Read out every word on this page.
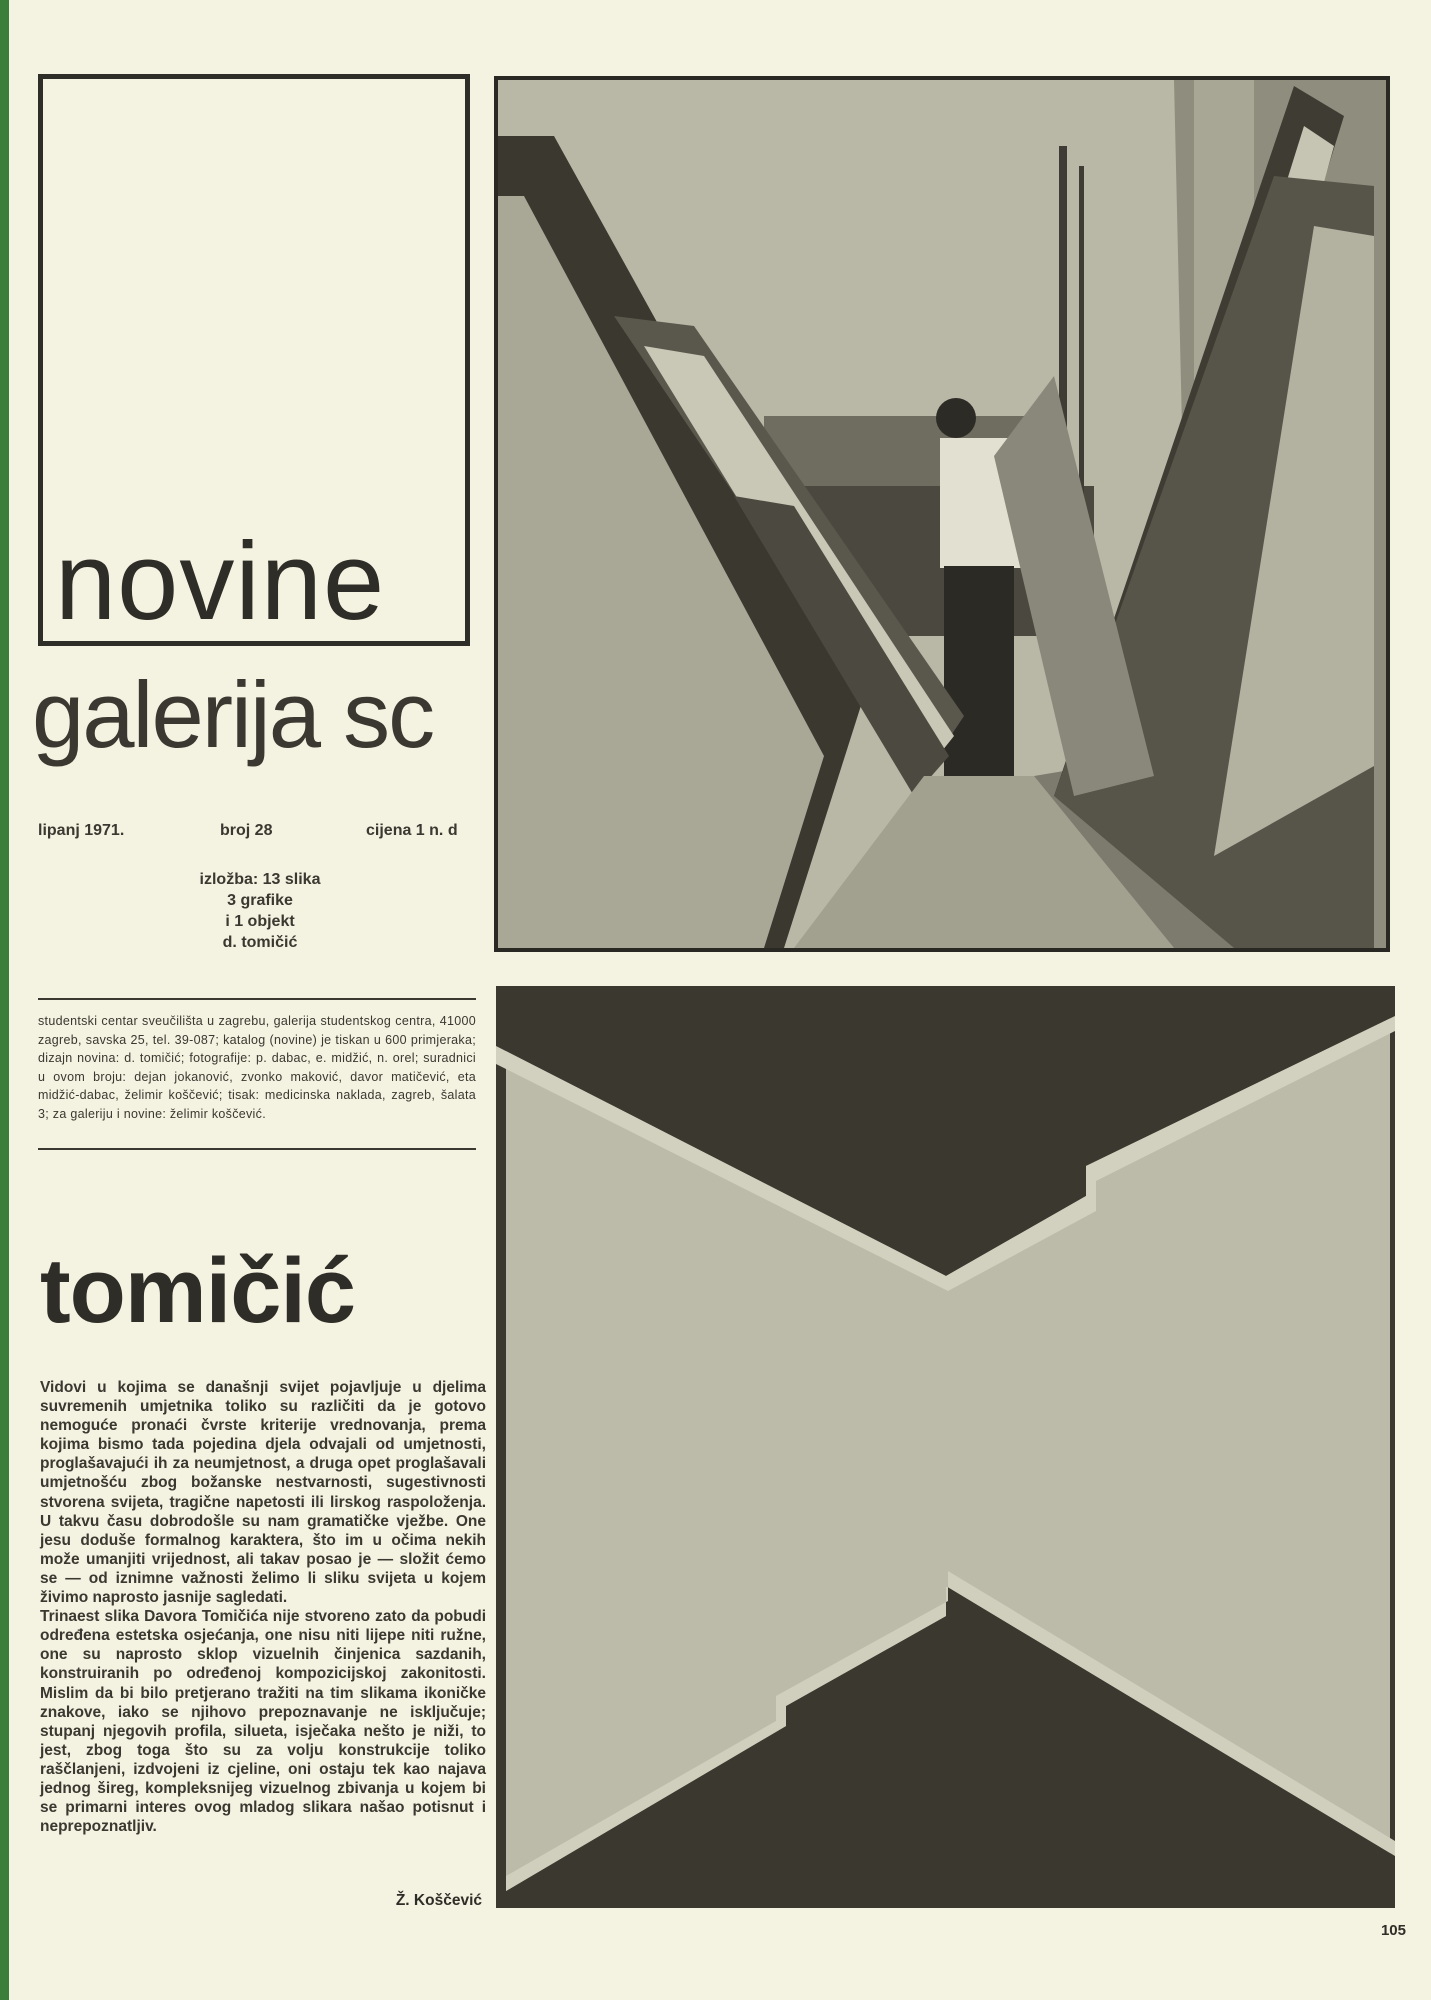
novine
galerija sc
lipanj 1971.	broj 28	cijena 1 n. d
izložba: 13 slika
3 grafike
i 1 objekt
d. tomičić
studentski centar sveučilišta u zagrebu, galerija studentskog centra, 41000 zagreb, savska 25, tel. 39-087; katalog (novine) je tiskan u 600 primjeraka; dizajn novina: d. tomičić; fotografije: p. dabac, e. midžić, n. orel; suradnici u ovom broju: dejan jokanović, zvonko maković, davor matičević, eta midžić-dabac, želimir koščević; tisak: medicinska naklada, zagreb, šalata 3; za galeriju i novine: želimir koščević.
tomičić

Vidovi u kojima se današnji svijet pojavljuje u djelima suvremenih umjetnika toliko su različiti da je gotovo nemoguće pronaći čvrste kriterije vrednovanja, prema kojima bismo tada pojedina djela odvajali od umjetnosti, proglašavajući ih za neumjetnost, a druga opet proglašavali umjetnošću zbog božanske nestvarnosti, sugestivnosti stvorena svijeta, tragične napetosti ili lirskog raspoloženja. U takvu času dobrodošle su nam gramatičke vježbe. One jesu doduše formalnog karaktera, što im u očima nekih može umanjiti vrijednost, ali takav posao je — složit ćemo se — od iznimne važnosti želimo li sliku svijeta u kojem živimo naprosto jasnije sagledati.

Trinaest slika Davora Tomičića nije stvoreno zato da pobudi određena estetska osjećanja, one nisu niti lijepe niti ružne, one su naprosto sklop vizuelnih činjenica sazdanih, konstruiranih po određenoj kompozicijskoj zakonitosti. Mislim da bi bilo pretjerano tražiti na tim slikama ikoničke znakove, iako se njihovo prepoznavanje ne isključuje; stupanj njegovih profila, silueta, isječaka nešto je niži, to jest, zbog toga što su za volju konstrukcije toliko raščlanjeni, izdvojeni iz cjeline, oni ostaju tek kao najava jednog šireg, kompleksnijeg vizuelnog zbivanja u kojem bi se primarni interes ovog mladog slikara našao potisnut i neprepoznatljiv.

Ž. Koščević
105
